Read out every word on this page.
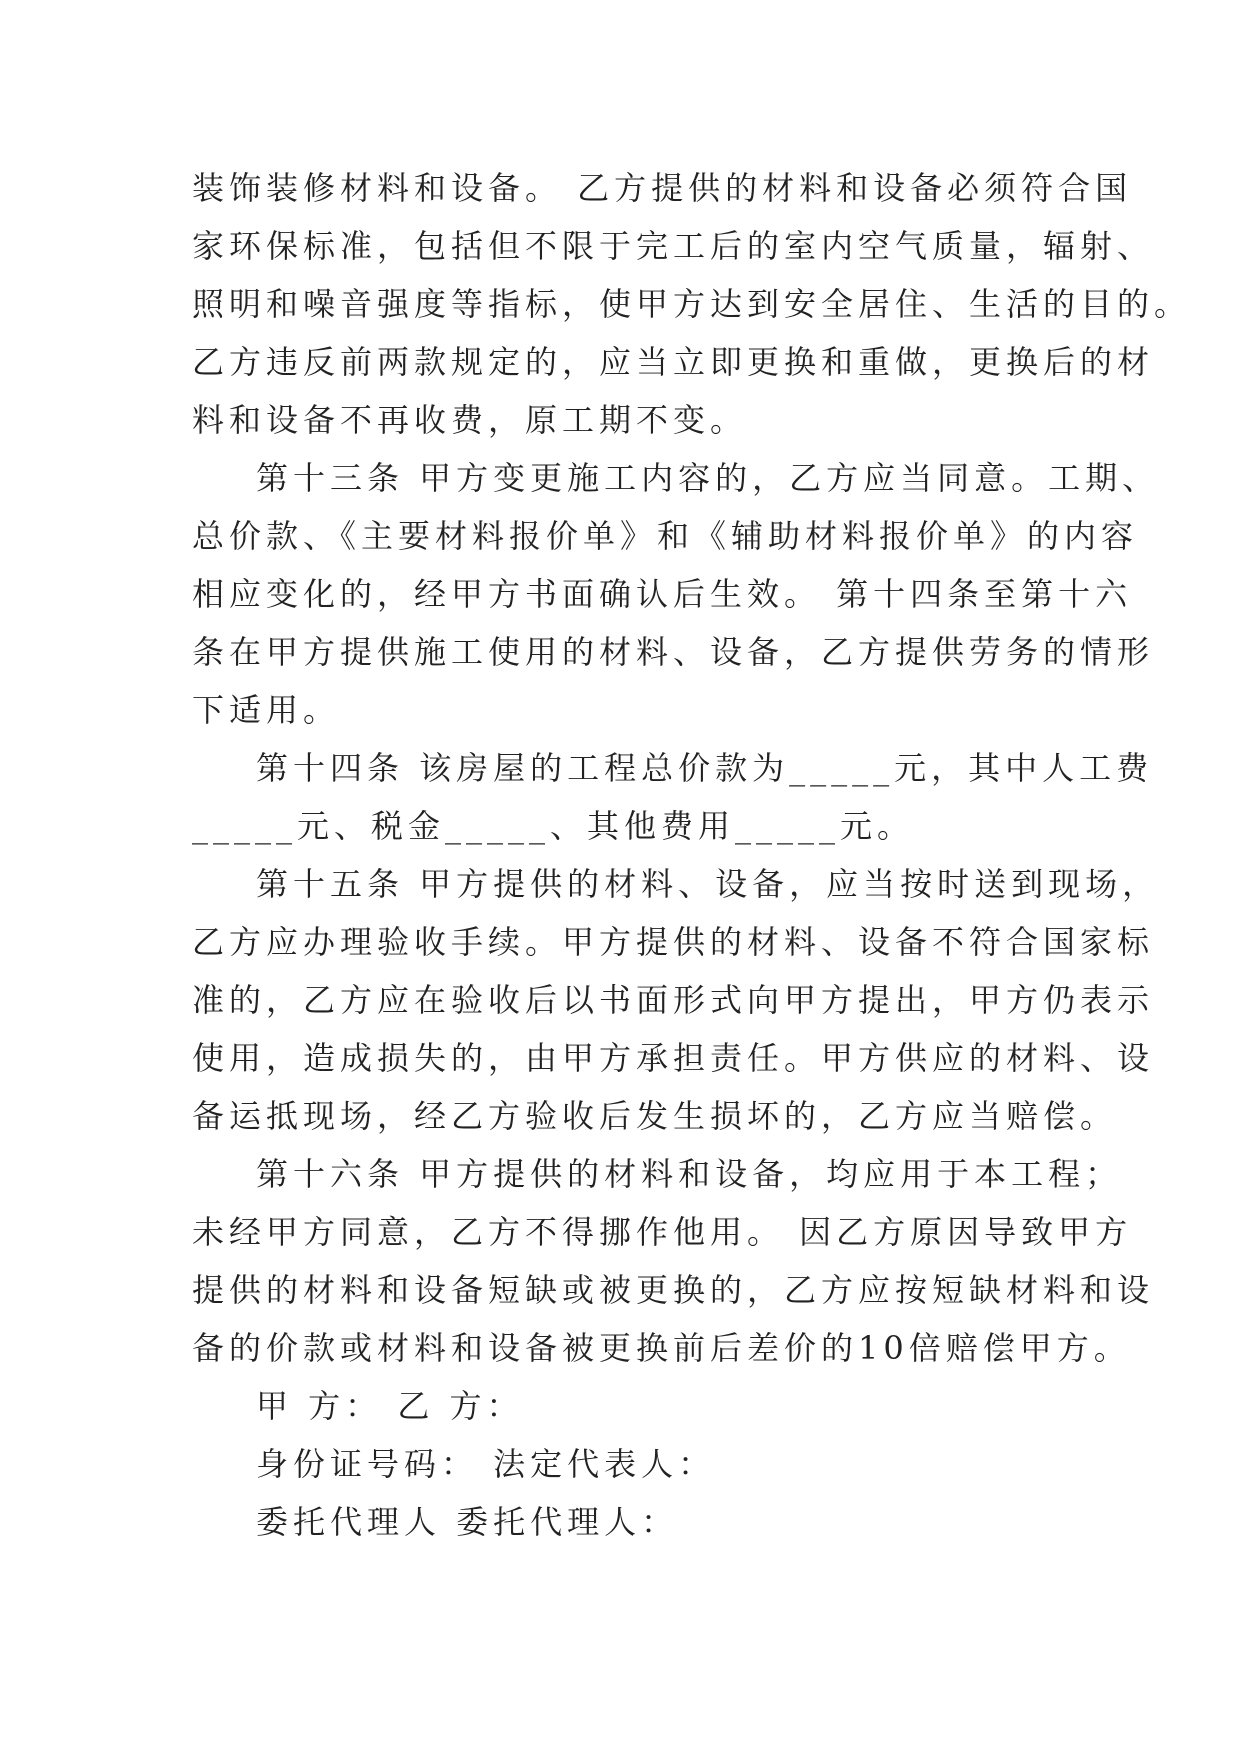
装饰装修材料和设备。 乙方提供的材料和设备必须符合国
家环保标准，包括但不限于完工后的室内空气质量，辐射、
照明和噪音强度等指标，使甲方达到安全居住、生活的目的。
乙方违反前两款规定的，应当立即更换和重做，更换后的材
料和设备不再收费，原工期不变。
第十三条 甲方变更施工内容的，乙方应当同意。工期、
总价款、《主要材料报价单》和《辅助材料报价单》的内容
相应变化的，经甲方书面确认后生效。 第十四条至第十六
条在甲方提供施工使用的材料、设备，乙方提供劳务的情形
下适用。
第十四条 该房屋的工程总价款为_____元，其中人工费
_____元、税金_____、其他费用_____元。
第十五条 甲方提供的材料、设备，应当按时送到现场，
乙方应办理验收手续。甲方提供的材料、设备不符合国家标
准的，乙方应在验收后以书面形式向甲方提出，甲方仍表示
使用，造成损失的，由甲方承担责任。甲方供应的材料、设
备运抵现场，经乙方验收后发生损坏的，乙方应当赔偿。
第十六条 甲方提供的材料和设备，均应用于本工程；
未经甲方同意，乙方不得挪作他用。 因乙方原因导致甲方
提供的材料和设备短缺或被更换的，乙方应按短缺材料和设
备的价款或材料和设备被更换前后差价的10倍赔偿甲方。
甲 方： 乙 方：
身份证号码： 法定代表人：
委托代理人 委托代理人：
